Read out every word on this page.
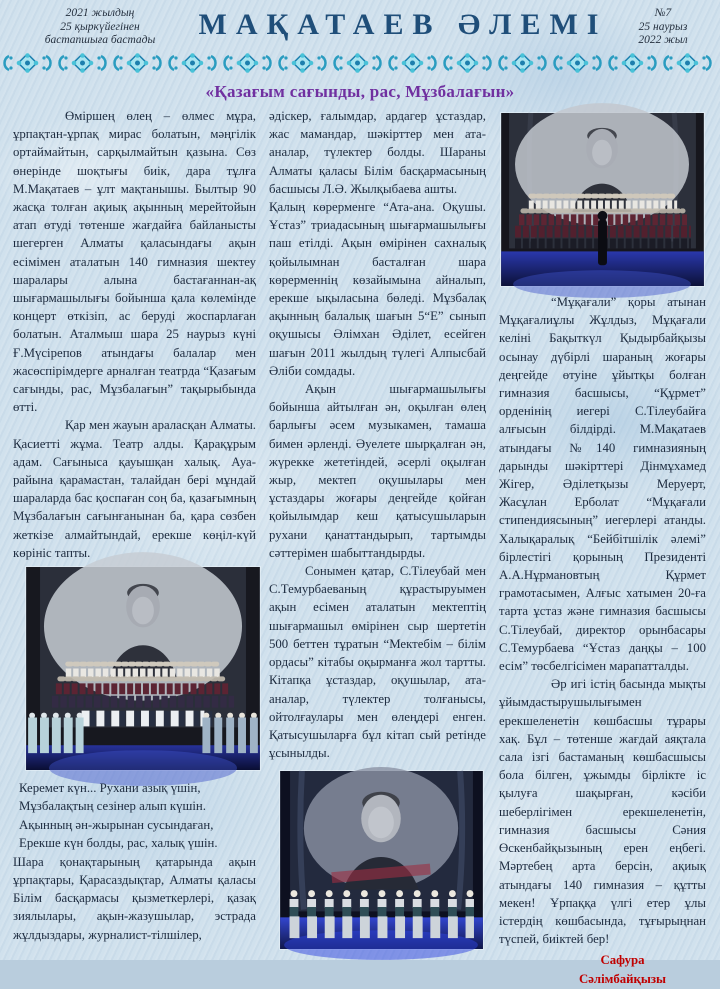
2021 жылдың
25 қыркүйегінен
бастапшыға бастады	МАҚАТАЕВ ӘЛЕМІ	№7
25 наурыз
2022 жыл
«Қазағым сағынды, рас, Мұзбалағын»

Өміршең өлең – өлмес мұра, ұрпақтан-ұрпақ мирас болатын, мәңгілік ортаймайтын, сарқылмайтын қазына. Сөз өнерінде шоқтығы биік, дара тұлға М.Мақатаев – ұлт мақтанышы. Былтыр 90 жасқа толған ақиық ақынның мерейтойын атап өтуді төтенше жағдайға байланысты шегерген Алматы қаласындағы ақын есімімен аталатын 140 гимназия шектеу шаралары алына бастағаннан-ақ шығармашылығы бойынша қала көлемінде концерт өткізіп, ас беруді жоспарлаған болатын. Аталмыш шара 25 наурыз күні Ғ.Мүсірепов атындағы балалар мен жасөспірімдерге арналған театрда “Қазағым сағынды, рас, Мұзбалағын” тақырыбында өтті.

Қар мен жауын араласқан Алматы. Қасиетті жұма. Театр алды. Қарақұрым адам. Сағыныса қауышқан халық. Ауа-райына қарамастан, талайдан бері мұндай шараларда бас қоспаған соң ба, қазағымның Мұзбалағын сағынғанынан ба, қара сөзбен жеткізе алмайтындай, ерекше көңіл-күй көрініс тапты.

Керемет күн... Рухани азық үшін,
Мұзбалақтың сезінер алып күшін.
Ақынның ән-жырынан сусындаған,
Ерекше күн болды, рас, халық үшін.

Шара қонақтарының қатарында ақын ұрпақтары, Қарасаздықтар, Алматы қаласы Білім басқармасы қызметкерлері, қазақ зиялылары, ақын-жазушылар, эстрада жұлдыздары, журналист-тілшілер,

әдіскер, ғалымдар, ардагер ұстаздар, жас мамандар, шәкірттер мен ата-аналар, түлектер болды. Шараны Алматы қаласы Білім басқармасының басшысы Л.Ә. Жылқыбаева ашты.

Қалың көрерменге “Ата-ана. Оқушы. Ұстаз” триадасының шығармашылығы паш етілді. Ақын өмірінен сахналық қойылымнан басталған шара көрерменнің көзайымына айналып, ерекше ықыласына бөледі. Мұзбалақ ақынның балалық шағын 5“Е” сынып оқушысы Әлімхан Әділет, есейген шағын 2011 жылдың түлегі Алпысбай Әліби сомдады.

Ақын шығармашылығы бойынша айтылған ән, оқылған өлең барлығы әсем музыкамен, тамаша бимен әрленді. Әуелете шырқалған ән, жүрекке жететіндей, әсерлі оқылған жыр, мектеп оқушылары мен ұстаздары жоғары деңгейде қойған қойылымдар кеш қатысушыларын рухани қанаттандырып, тартымды сәттерімен шабыттандырды.

Сонымен қатар, С.Тілеубай мен С.Темурбаеваның құрастыруымен ақын есімен аталатын мектептің шығармашыл өмірінен сыр шертетін 500 беттен тұратын “Мектебім – білім ордасы” кітабы оқырманға жол тартты. Кітапқа ұстаздар, оқушылар, ата-аналар, түлектер толғанысы, ойтолғаулары мен өлеңдері енген. Қатысушыларға бұл кітап сый ретінде ұсынылды.

“Мұқағали” қоры атынан Мұқағалиұлы Жұлдыз, Мұқағали келіні Бақыткүл Қыдырбайқызы осынау дүбірлі шараның жоғары деңгейде өтуіне ұйытқы болған гимназия басшысы, “Құрмет” орденінің иегері С.Тілеубайға алғысын білдірді. М.Мақатаев атындағы №140 гимназияның дарынды шәкірттері Дінмұхамед Жігер, Әділетқызы Меруерт, Жасұлан Ерболат “Мұқағали стипендиясының” иегерлері атанды. Халықаралық “Бейбітшілік әлемі” бірлестігі қорының Президенті А.А.Нұрмановтың Құрмет грамотасымен, Алғыс хатымен 20-ға тарта ұстаз және гимназия басшысы С.Тілеубай, директор орынбасары С.Темурбаева “Ұстаз даңқы – 100 есім” төсбелгісімен марапатталды.

Әр игі істің басында мықты ұйымдастырушылығымен ерекшеленетін көшбасшы тұрары хақ. Бұл – төтенше жағдай аяқтала сала ізгі бастаманың көшбасшысы бола білген, ұжымды бірлікте іс қылуға шақырған, кәсіби шеберлігімен ерекшеленетін, гимназия басшысы Сәния Өскенбайқызының ерен еңбегі. Мәртебең арта берсін, ақиық атындағы 140 гимназия – құтты мекен! Ұрпаққа үлгі етер ұлы істердің көшбасында, тұғырыңнан түспей, биіктей бер!

Сафура
Сәлімбайқызы
